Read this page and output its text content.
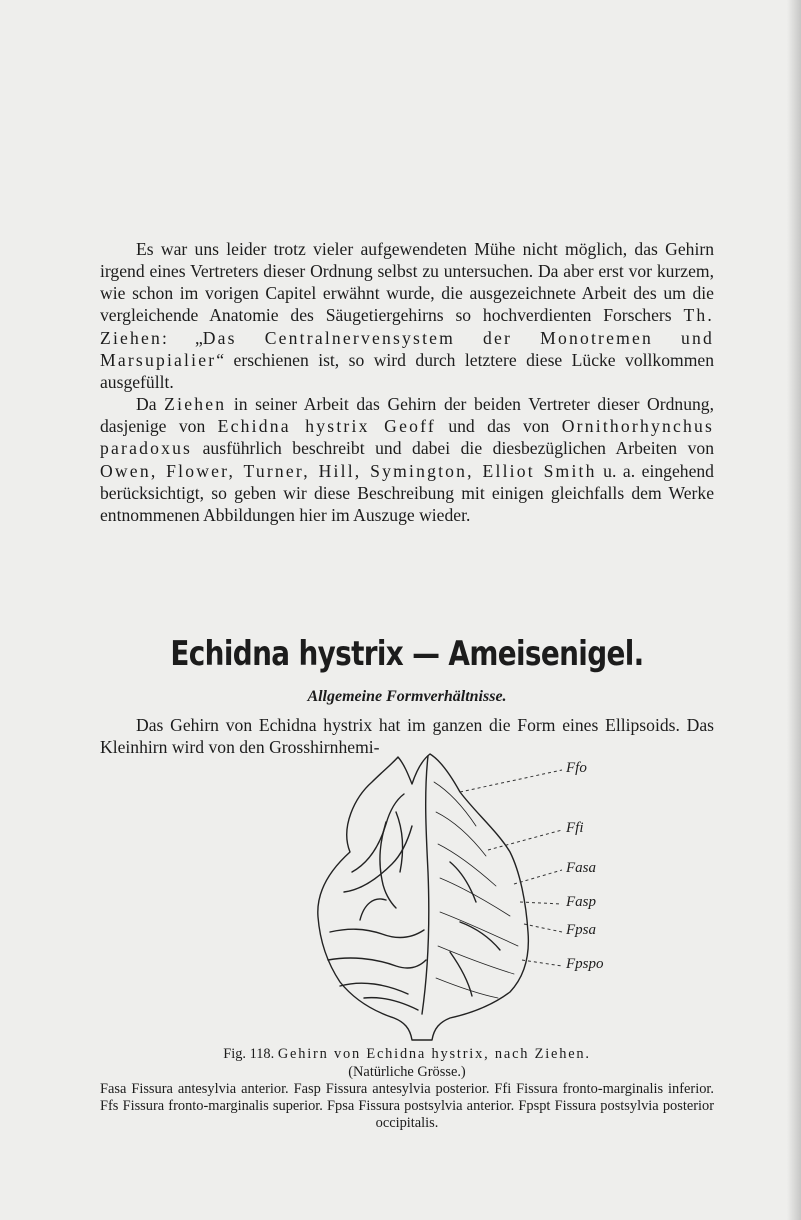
Es war uns leider trotz vieler aufgewendeten Mühe nicht möglich, das Gehirn irgend eines Vertreters dieser Ordnung selbst zu untersuchen. Da aber erst vor kurzem, wie schon im vorigen Capitel erwähnt wurde, die ausgezeichnete Arbeit des um die vergleichende Anatomie des Säugetiergehirns so hochverdienten Forschers Th. Ziehen: „Das Centralnervensystem der Monotremen und Marsupialier“ erschienen ist, so wird durch letztere diese Lücke vollkommen ausgefüllt.

Da Ziehen in seiner Arbeit das Gehirn der beiden Vertreter dieser Ordnung, dasjenige von Echidna hystrix Geoff und das von Ornithorhynchus paradoxus ausführlich beschreibt und dabei die diesbezüglichen Arbeiten von Owen, Flower, Turner, Hill, Symington, Elliot Smith u. a. eingehend berücksichtigt, so geben wir diese Beschreibung mit einigen gleichfalls dem Werke entnommenen Abbildungen hier im Auszuge wieder.

Echidna hystrix — Ameisenigel.
Allgemeine Formverhältnisse.

Das Gehirn von Echidna hystrix hat im ganzen die Form eines Ellipsoids. Das Kleinhirn wird von den Grosshirnhemi-

Ffo
Ffi
Fasa
Fasp
Fpsa
Fpspo
Fig. 118. Gehirn von Echidna hystrix, nach Ziehen.
(Natürliche Grösse.)
Fasa Fissura antesylvia anterior. Fasp Fissura antesylvia posterior. Ffi Fissura fronto-marginalis inferior. Ffs Fissura fronto-marginalis superior. Fpsa Fissura postsylvia anterior. Fpspt Fissura postsylvia posterior occipitalis.
